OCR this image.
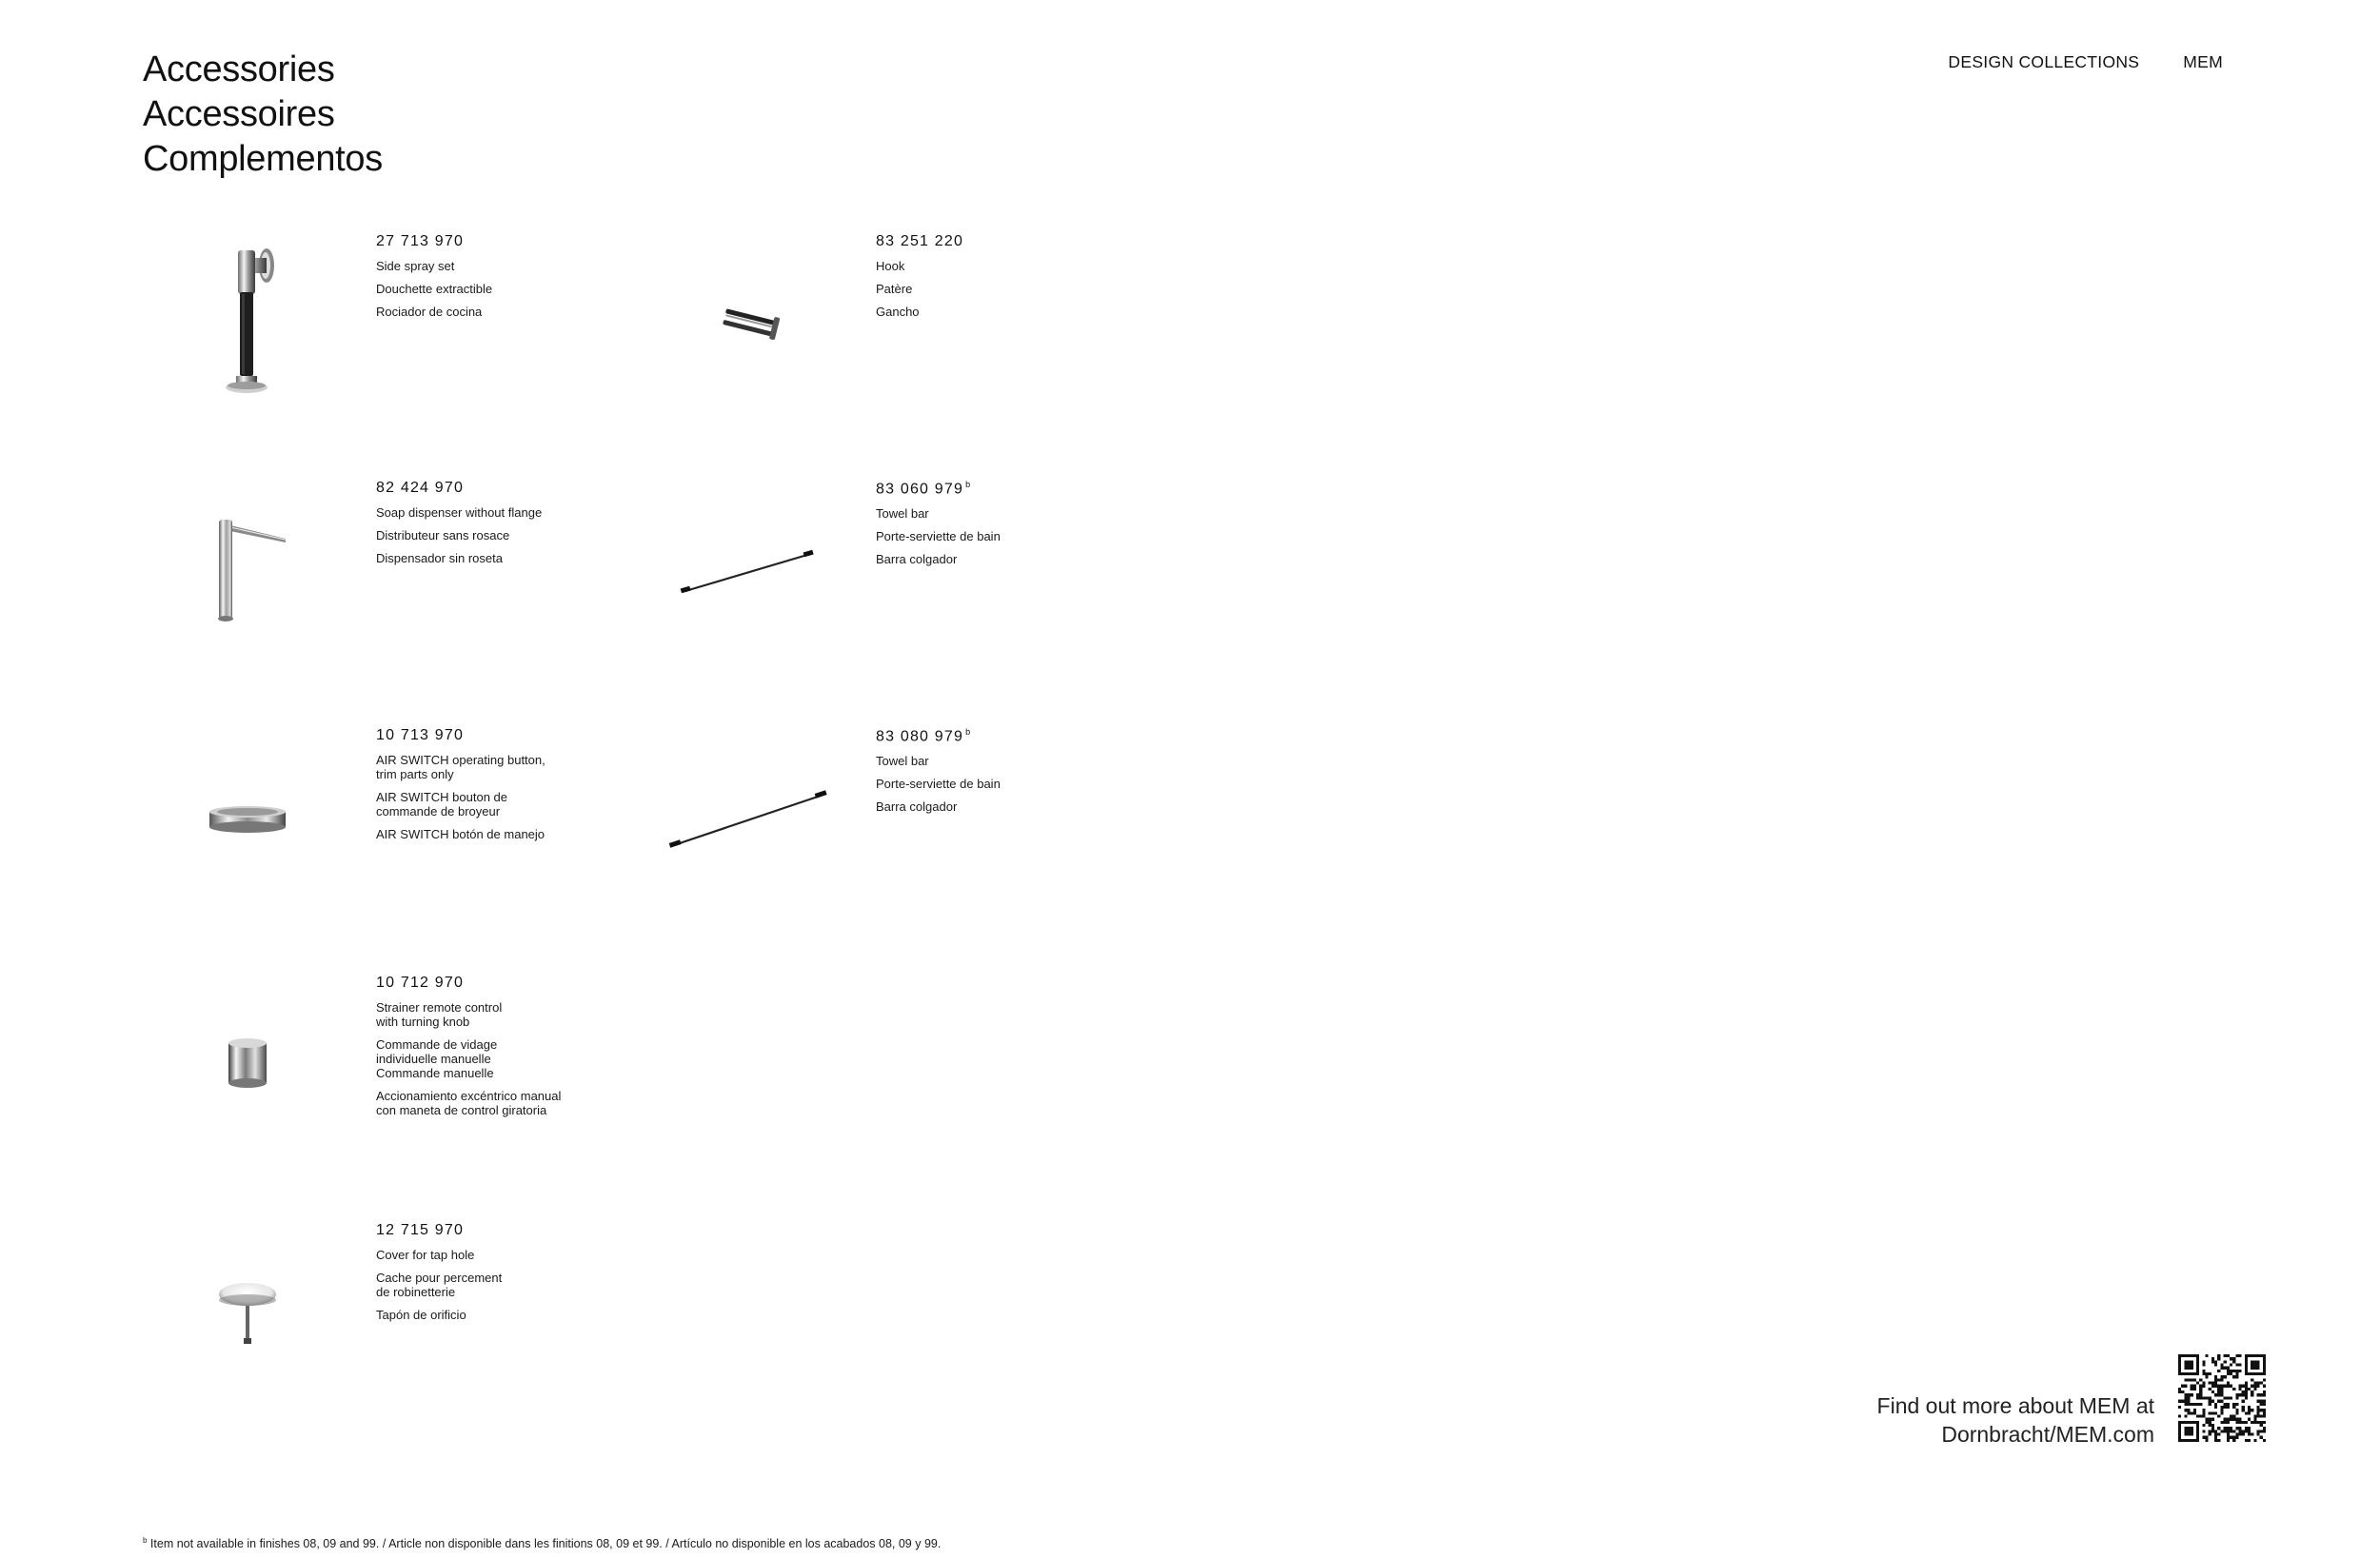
Accessories
Accessoires
Complementos
DESIGN COLLECTIONS	MEM
27 713 970
Side spray set
Douchette extractible
Rociador de cocina
83 251 220
Hook
Patère
Gancho
82 424 970
Soap dispenser without flange
Distributeur sans rosace
Dispensador sin roseta
83 060 979 $^b$
Towel bar
Porte-serviette de bain
Barra colgador
10 713 970
AIR SWITCH operating button,
trim parts only
AIR SWITCH bouton de
commande de broyeur
AIR SWITCH botón de manejo
83 080 979 $^b$
Towel bar
Porte-serviette de bain
Barra colgador
10 712 970
Strainer remote control
with turning knob
Commande de vidage
individuelle manuelle
Commande manuelle
Accionamiento excéntrico manual
con maneta de control giratoria
12 715 970
Cover for tap hole
Cache pour percement
de robinetterie
Tapón de orificio
Find out more about MEM at
Dornbracht/MEM.com
$^b$ Item not available in finishes 08, 09 and 99. / Article non disponible dans les finitions 08, 09 et 99. / Artículo no disponible en los acabados 08, 09 y 99.
